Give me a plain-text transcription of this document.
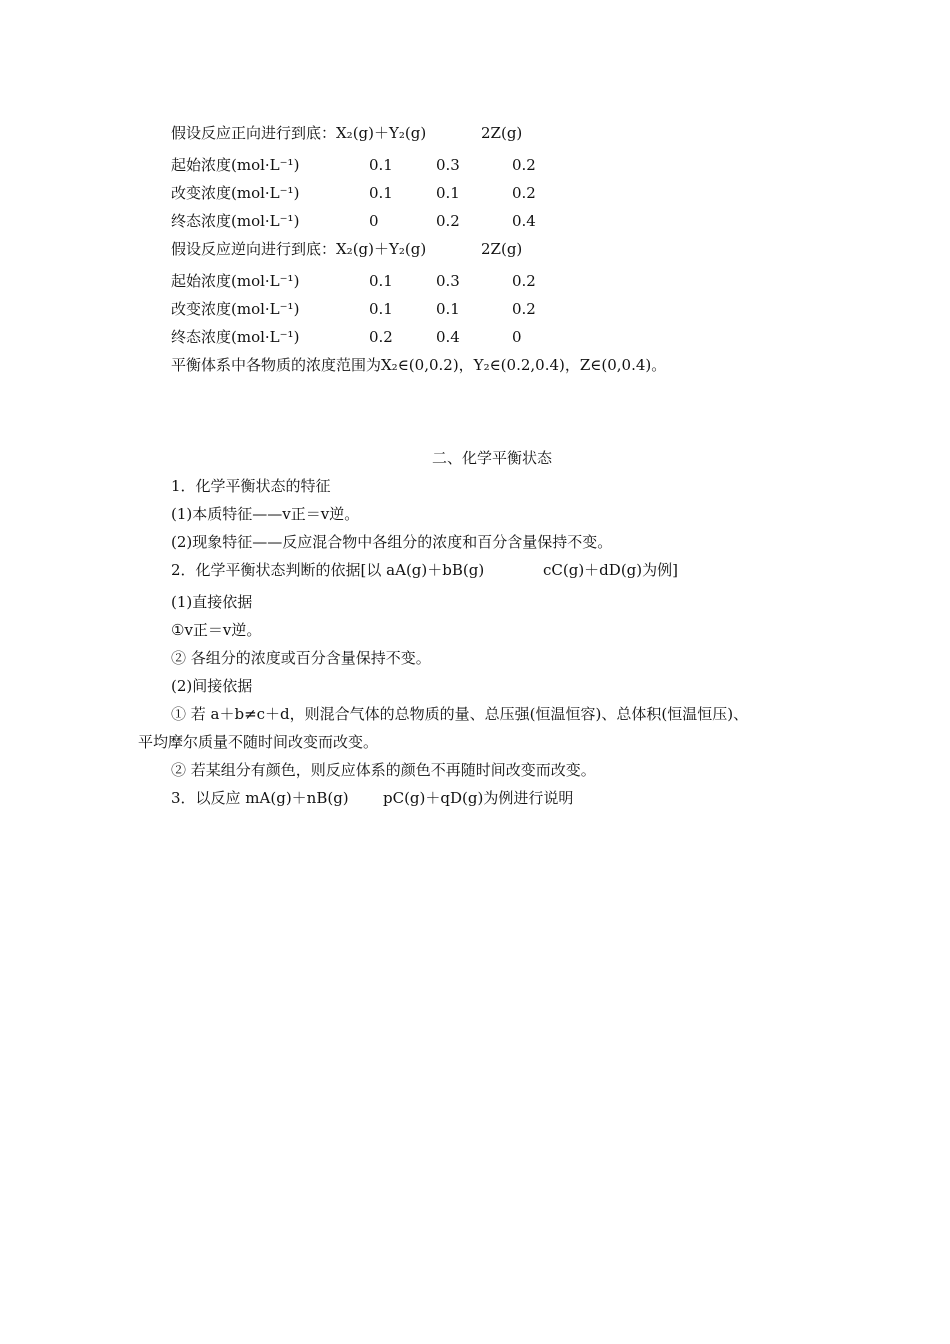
假设反应正向进行到底：X₂(g)＋Y₂(g)	2Z(g)
起始浓度(mol·L⁻¹)	0.1	0.3	0.2
改变浓度(mol·L⁻¹)	0.1	0.1	0.2
终态浓度(mol·L⁻¹)	0	0.2	0.4
假设反应逆向进行到底：X₂(g)＋Y₂(g)	2Z(g)
起始浓度(mol·L⁻¹)	0.1	0.3	0.2
改变浓度(mol·L⁻¹)	0.1	0.1	0.2
终态浓度(mol·L⁻¹)	0.2	0.4	0
平衡体系中各物质的浓度范围为X₂∈(0,0.2)，Y₂∈(0.2,0.4)，Z∈(0,0.4)。
二、化学平衡状态
1．化学平衡状态的特征
(1)本质特征——v正＝v逆。
(2)现象特征——反应混合物中各组分的浓度和百分含量保持不变。
2．化学平衡状态判断的依据[以 aA(g)＋bB(g)	cC(g)＋dD(g)为例]
(1)直接依据
①v正＝v逆。
② 各组分的浓度或百分含量保持不变。
(2)间接依据
① 若 a＋b≠c＋d，则混合气体的总物质的量、总压强(恒温恒容)、总体积(恒温恒压)、
平均摩尔质量不随时间改变而改变。
② 若某组分有颜色，则反应体系的颜色不再随时间改变而改变。
3．以反应 mA(g)＋nB(g) pC(g)＋qD(g)为例进行说明
